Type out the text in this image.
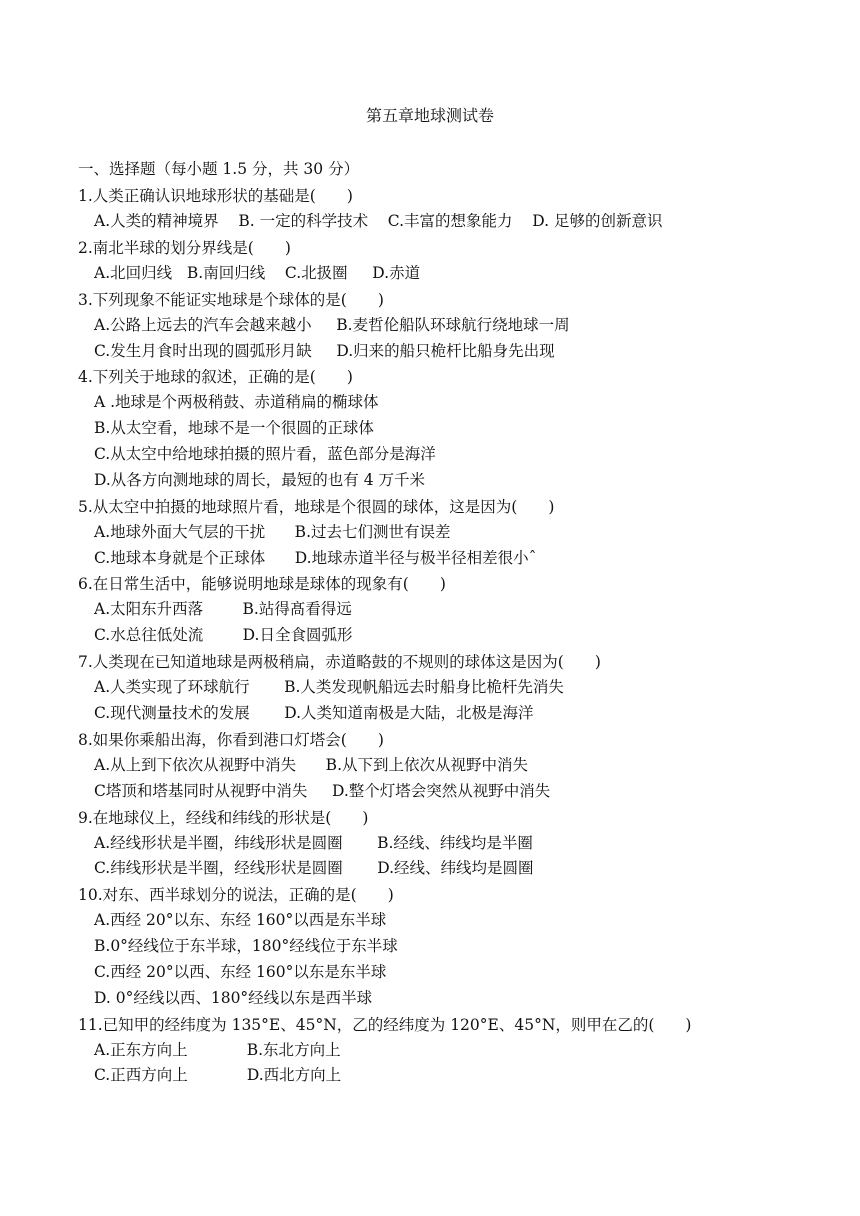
第五章地球测试卷
一、选择题（每小题 1.5 分，共 30 分）
1.人类正确认识地球形状的基础是(　　)
A.人类的精神境界    B. 一定的科学技术    C.丰富的想象能力    D. 足够的创新意识
2.南北半球的划分界线是(　　)
A.北回归线   B.南回归线    C.北扱圈     D.赤道
3.下列现象不能证实地球是个球体的是(　　)
A.公路上远去的汽车会越来越小     B.麦哲伦船队环球航行绕地球一周
C.发生月食时出现的圆弧形月缺     D.归来的船只桅杆比船身先出现
4.下列关于地球的叙述，正确的是(　　)
A .地球是个两极稍鼓、赤道稍扁的椭球体
B.从太空看，地球不是一个很圆的正球体
C.从太空中给地球拍摄的照片看，蓝色部分是海洋
D.从各方向测地球的周长，最短的也有 4 万千米
5.从太空中拍摄的地球照片看，地球是个很圆的球体，这是因为(　　)
A.地球外面大气层的干扰      B.过去七们测世有误差
C.地球本身就是个正球体      D.地球赤道半径与极半径相差很小ˆ
6.在日常生活中，能够说明地球是球体的现象有(　　)
A.太阳东升西落        B.站得髙看得远
C.水总往低处流        D.日全食圆弧形
7.人类现在已知道地球是两极稍扁，赤道略鼓的不规则的球体这是因为(　　)
A.人类实现了环球航行       B.人类发现帆船远去时船身比桅杆先消失
C.现代测量技术的发展       D.人类知道南极是大陆，北极是海洋
8.如果你乘船出海，你看到港口灯塔会(　　)
A.从上到下依次从视野中消失      B.从下到上依次从视野中消失
C塔顶和塔基同时从视野中消失     D.整个灯塔会突然从视野中消失
9.在地球仪上，经线和纬线的形状是(　　)
A.经线形状是半圈，纬线形状是圆圈       B.经线、纬线均是半圈
C.纬线形状是半圈，经线形状是圆圈       D.经线、纬线均是圆圈
10.对东、西半球划分的说法，正确的是(　　)
A.西经 20°以东、东经 160°以西是东半球
B.0°经线位于东半球，180°经线位于东半球
C.西经 20°以西、东经 160°以东是东半球
D. 0°经线以西、180°经线以东是西半球
11.已知甲的经纬度为 135°E、45°N，乙的经纬度为 120°E、45°N，则甲在乙的(　　)
A.正东方向上            B.东北方向上
C.正西方向上            D.西北方向上
